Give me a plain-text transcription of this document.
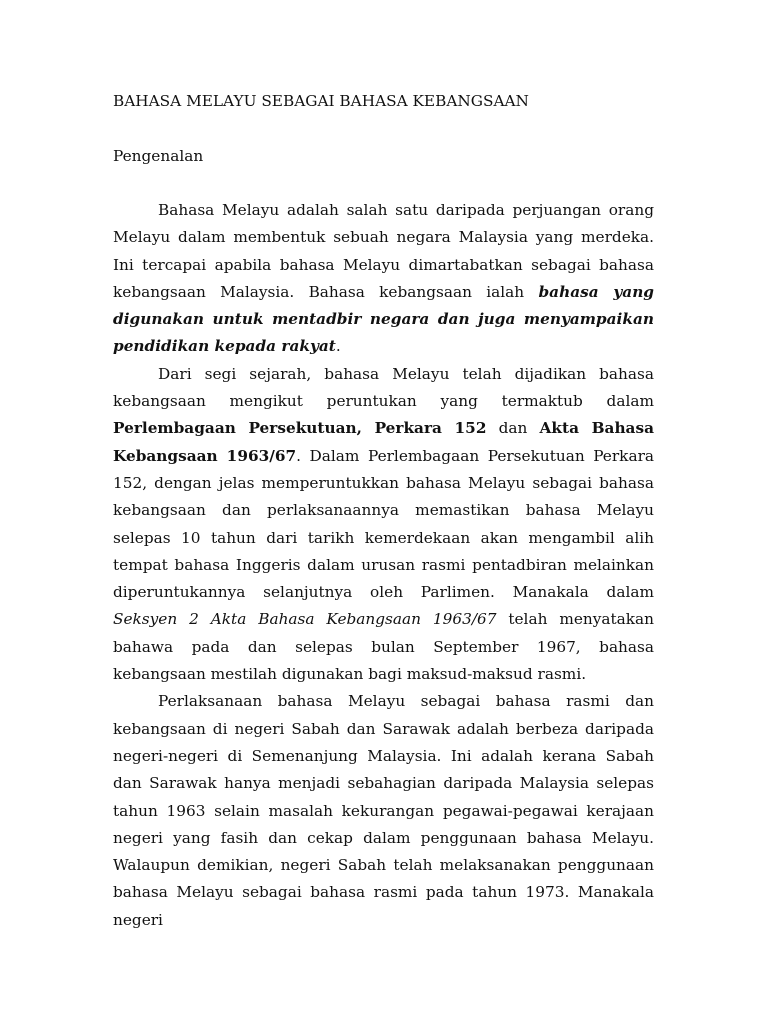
BAHASA MELAYU SEBAGAI BAHASA KEBANGSAAN
Pengenalan

Bahasa Melayu adalah salah satu daripada perjuangan orang Melayu dalam membentuk sebuah negara Malaysia yang merdeka. Ini tercapai apabila bahasa Melayu dimartabatkan sebagai bahasa kebangsaan Malaysia. Bahasa kebangsaan ialah bahasa yang digunakan untuk mentadbir negara dan juga menyampaikan pendidikan kepada rakyat.

Dari segi sejarah, bahasa Melayu telah dijadikan bahasa kebangsaan mengikut peruntukan yang termaktub dalam Perlembagaan Persekutuan, Perkara 152 dan Akta Bahasa Kebangsaan 1963/67. Dalam Perlembagaan Persekutuan Perkara 152, dengan jelas memperuntukkan bahasa Melayu sebagai bahasa kebangsaan dan perlaksanaannya memastikan bahasa Melayu selepas 10 tahun dari tarikh kemerdekaan akan mengambil alih tempat bahasa Inggeris dalam urusan rasmi pentadbiran melainkan diperuntukannya selanjutnya oleh Parlimen. Manakala dalam Seksyen 2 Akta Bahasa Kebangsaan 1963/67 telah menyatakan bahawa pada dan selepas bulan September 1967, bahasa kebangsaan mestilah digunakan bagi maksud-maksud rasmi.

Perlaksanaan bahasa Melayu sebagai bahasa rasmi dan kebangsaan di negeri Sabah dan Sarawak adalah berbeza daripada negeri-negeri di Semenanjung Malaysia. Ini adalah kerana Sabah dan Sarawak hanya menjadi sebahagian daripada Malaysia selepas tahun 1963 selain masalah kekurangan pegawai-pegawai kerajaan negeri yang fasih dan cekap dalam penggunaan bahasa Melayu. Walaupun demikian, negeri Sabah telah melaksanakan penggunaan bahasa Melayu sebagai bahasa rasmi pada tahun 1973. Manakala negeri
